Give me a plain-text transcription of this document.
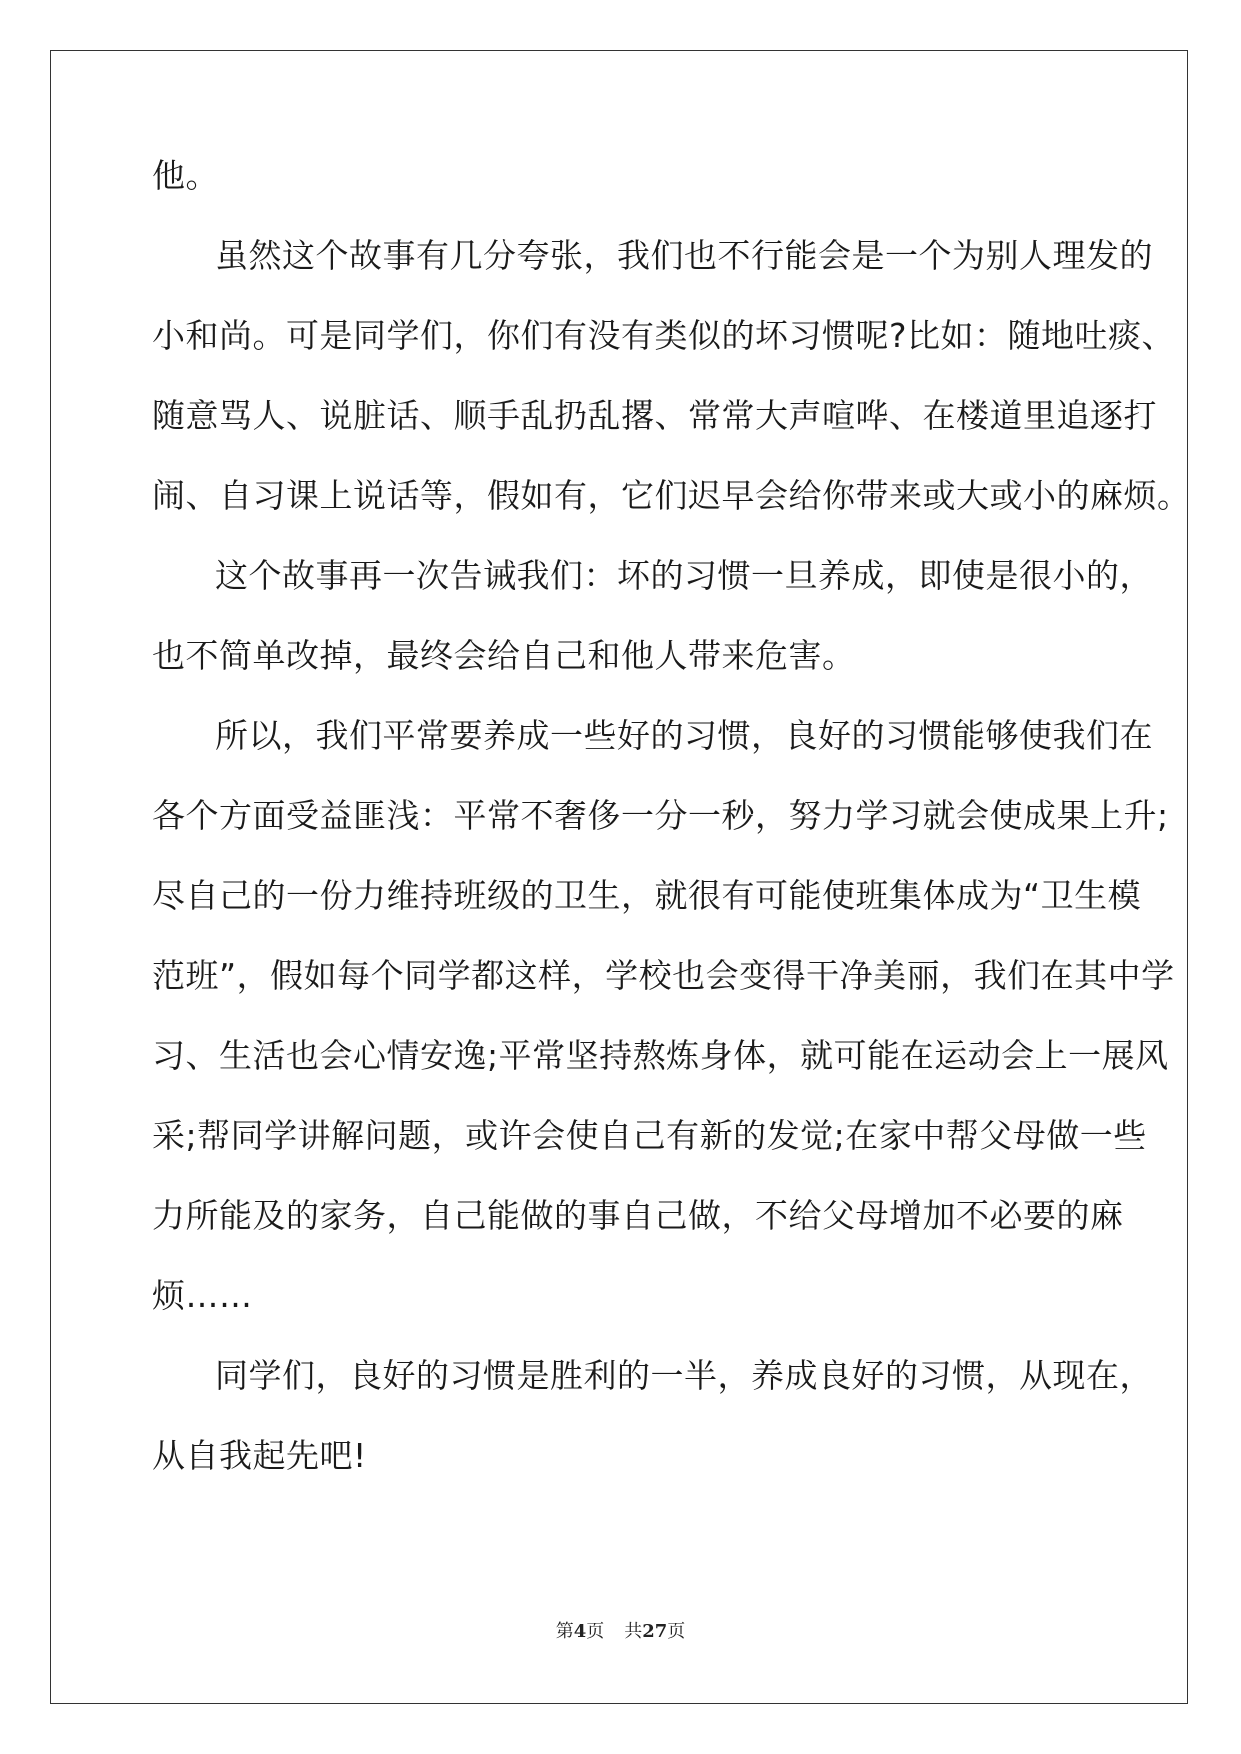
他。
虽然这个故事有几分夸张，我们也不行能会是一个为别人理发的
小和尚。可是同学们，你们有没有类似的坏习惯呢?比如：随地吐痰、
随意骂人、说脏话、顺手乱扔乱撂、常常大声喧哗、在楼道里追逐打
闹、自习课上说话等，假如有，它们迟早会给你带来或大或小的麻烦。
这个故事再一次告诫我们：坏的习惯一旦养成，即使是很小的，
也不简单改掉，最终会给自己和他人带来危害。
所以，我们平常要养成一些好的习惯，良好的习惯能够使我们在
各个方面受益匪浅：平常不奢侈一分一秒，努力学习就会使成果上升;
尽自己的一份力维持班级的卫生，就很有可能使班集体成为“卫生模
范班”，假如每个同学都这样，学校也会变得干净美丽，我们在其中学
习、生活也会心情安逸;平常坚持熬炼身体，就可能在运动会上一展风
采;帮同学讲解问题，或许会使自己有新的发觉;在家中帮父母做一些
力所能及的家务，自己能做的事自己做，不给父母增加不必要的麻
烦……
同学们，良好的习惯是胜利的一半，养成良好的习惯，从现在，
从自我起先吧!
第4页 共27页
